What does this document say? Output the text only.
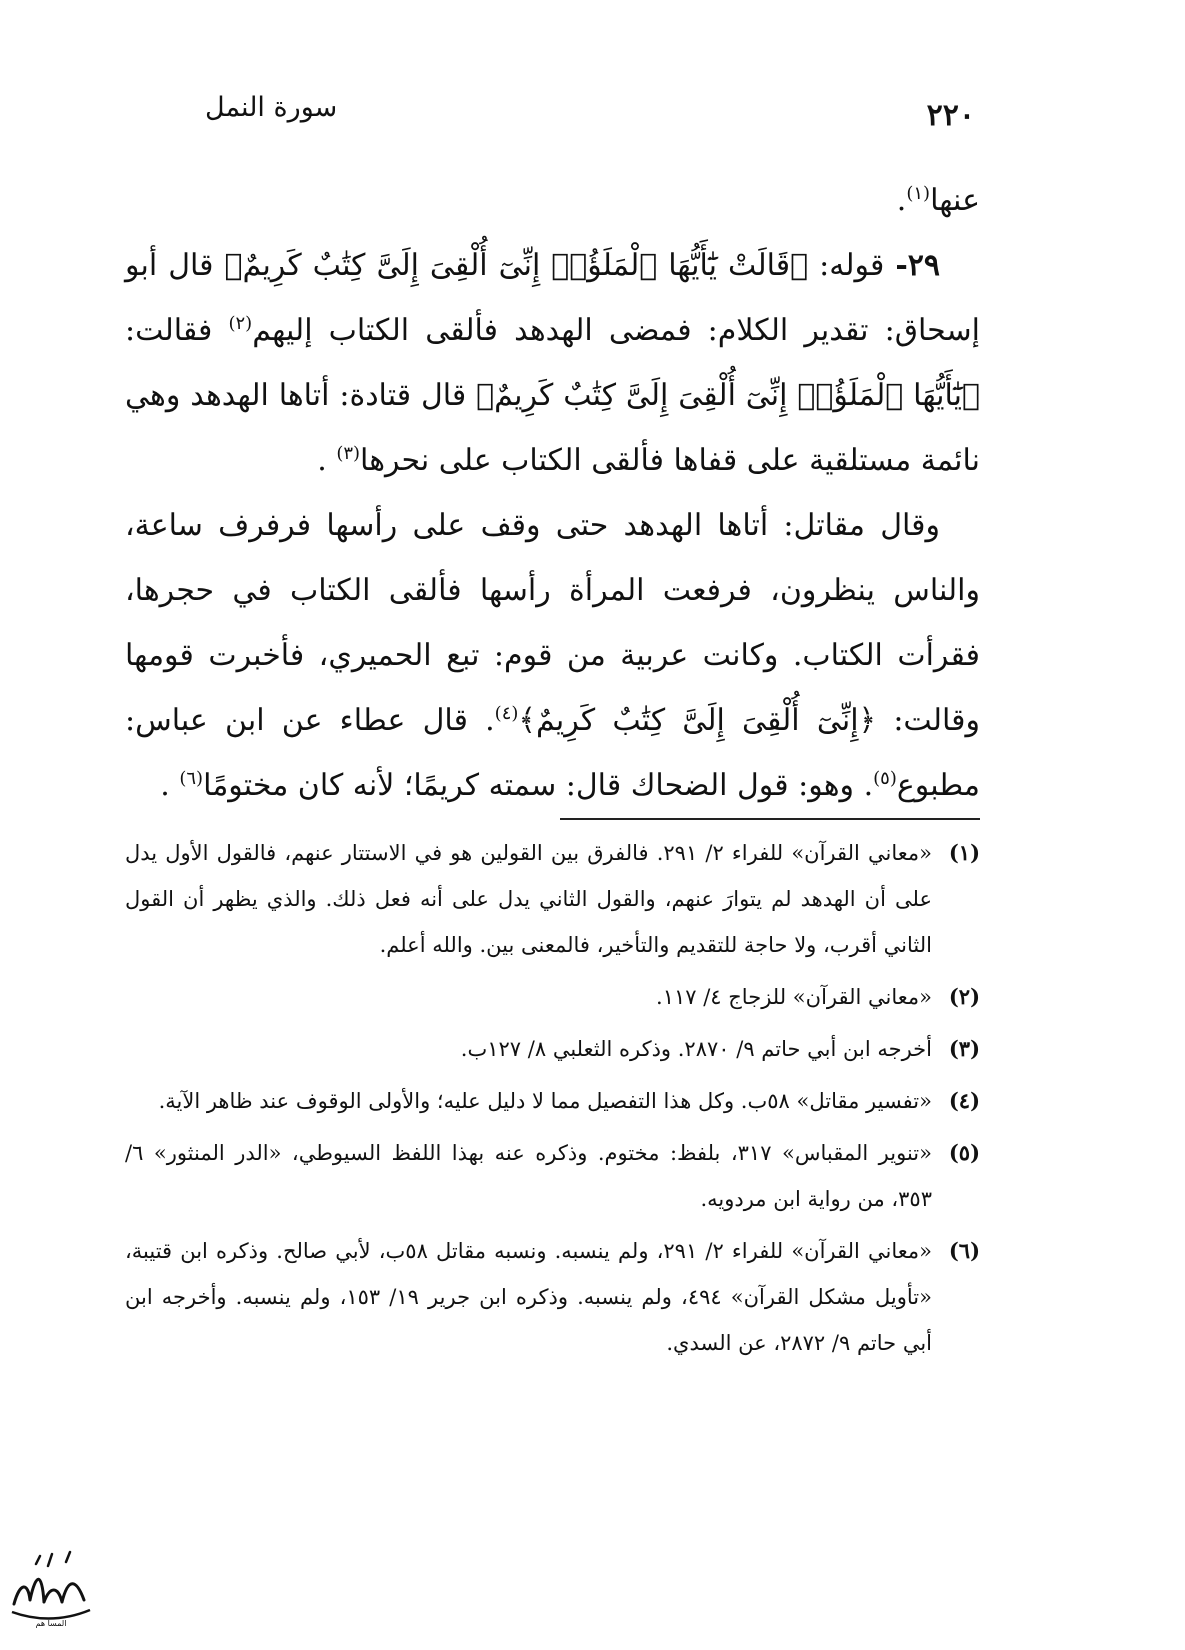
٢٢٠
سورة النمل

عنها$^{(١)}$.

٢٩- قوله: ﴿قَالَتْ يَٰٓأَيُّهَا ٱلْمَلَؤُا۟ إِنِّىٓ أُلْقِىَ إِلَىَّ كِتَٰبٌ كَرِيمٌ﴾ قال أبو إسحاق: تقدير الكلام: فمضى الهدهد فألقى الكتاب إليهم$^{(٢)}$ فقالت: ﴿يَٰٓأَيُّهَا ٱلْمَلَؤُا۟ إِنِّىٓ أُلْقِىَ إِلَىَّ كِتَٰبٌ كَرِيمٌ﴾ قال قتادة: أتاها الهدهد وهي نائمة مستلقية على قفاها فألقى الكتاب على نحرها$^{(٣)}$ .

وقال مقاتل: أتاها الهدهد حتى وقف على رأسها فرفرف ساعة، والناس ينظرون، فرفعت المرأة رأسها فألقى الكتاب في حجرها، فقرأت الكتاب. وكانت عربية من قوم: تبع الحميري، فأخبرت قومها وقالت: ﴿إِنِّىٓ أُلْقِىَ إِلَىَّ كِتَٰبٌ كَرِيمٌ﴾$^{(٤)}$. قال عطاء عن ابن عباس: مطبوع$^{(٥)}$. وهو: قول الضحاك قال: سمته كريمًا؛ لأنه كان مختومًا$^{(٦)}$ .

(١)
«معاني القرآن» للفراء ٢/ ٢٩١. فالفرق بين القولين هو في الاستتار عنهم، فالقول الأول يدل على أن الهدهد لم يتوارَ عنهم، والقول الثاني يدل على أنه فعل ذلك. والذي يظهر أن القول الثاني أقرب، ولا حاجة للتقديم والتأخير، فالمعنى بين. والله أعلم.

(٢)
«معاني القرآن» للزجاج ٤/ ١١٧.

(٣)
أخرجه ابن أبي حاتم ٩/ ٢٨٧٠. وذكره الثعلبي ٨/ ١٢٧ب.

(٤)
«تفسير مقاتل» ٥٨ب. وكل هذا التفصيل مما لا دليل عليه؛ والأولى الوقوف عند ظاهر الآية.

(٥)
«تنوير المقباس» ٣١٧، بلفظ: مختوم. وذكره عنه بهذا اللفظ السيوطي، «الدر المنثور» ٦/ ٣٥٣، من رواية ابن مردويه.

(٦)
«معاني القرآن» للفراء ٢/ ٢٩١، ولم ينسبه. ونسبه مقاتل ٥٨ب، لأبي صالح. وذكره ابن قتيبة، «تأويل مشكل القرآن» ٤٩٤، ولم ينسبه. وذكره ابن جرير ١٩/ ١٥٣، ولم ينسبه. وأخرجه ابن أبي حاتم ٩/ ٢٨٧٢، عن السدي.

المسا هم
